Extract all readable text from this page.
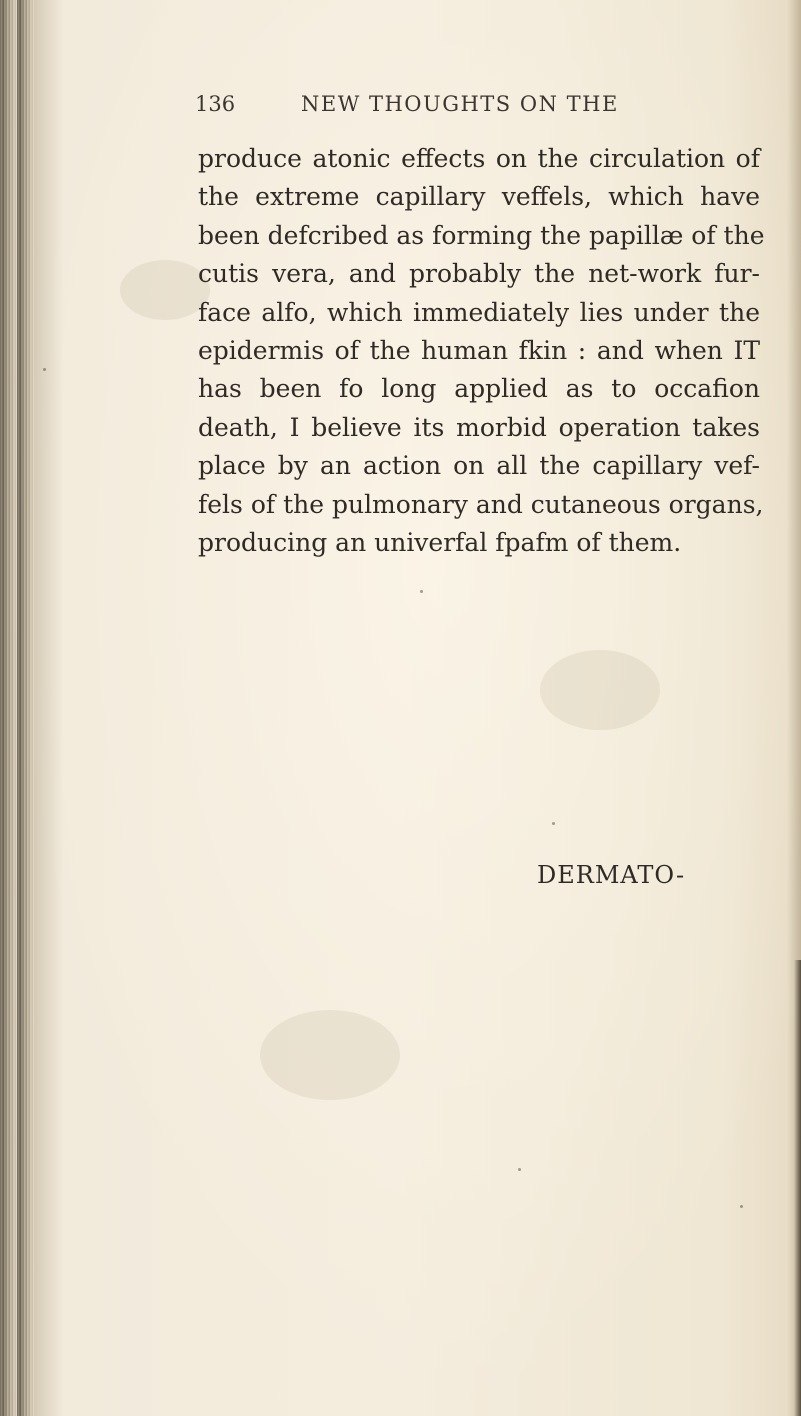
136	NEW THOUGHTS ON THE
produce atonic effects on the circulation of
the extreme capillary veffels, which have
been defcribed as forming the papillæ of the
cutis vera, and probably the net-work fur-
face alfo, which immediately lies under the
epidermis of the human fkin : and when IT
has been fo long applied as to occafion
death, I believe its morbid operation takes
place by an action on all the capillary vef-
fels of the pulmonary and cutaneous organs,
producing an univerfal fpafm of them.
DERMATO-
